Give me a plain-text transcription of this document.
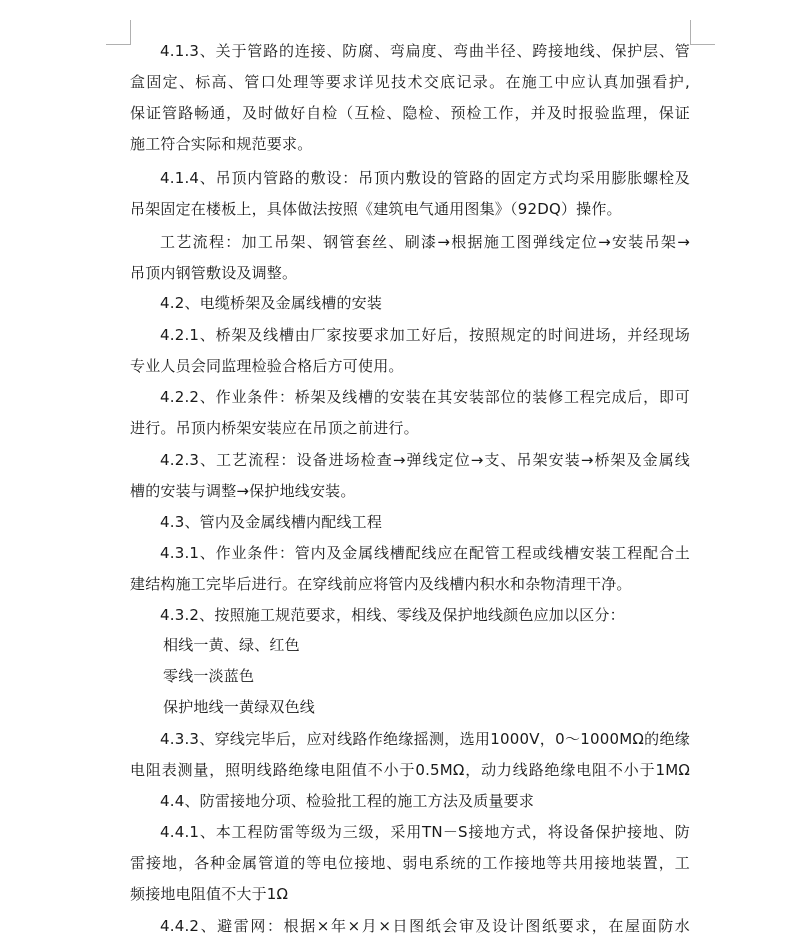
4.1.3、关于管路的连接、防腐、弯扁度、弯曲半径、跨接地线、保护层、管
盒固定、标高、管口处理等要求详见技术交底记录。在施工中应认真加强看护,
保证管路畅通，及时做好自检（互检、隐检、预检工作，并及时报验监理，保证
施工符合实际和规范要求。
4.1.4、吊顶内管路的敷设：吊顶内敷设的管路的固定方式均采用膨胀螺栓及
吊架固定在楼板上，具体做法按照《建筑电气通用图集》（92DQ）操作。
工艺流程：加工吊架、钢管套丝、刷漆→根据施工图弹线定位→安装吊架→
吊顶内钢管敷设及调整。
4.2、电缆桥架及金属线槽的安装
4.2.1、桥架及线槽由厂家按要求加工好后，按照规定的时间进场，并经现场
专业人员会同监理检验合格后方可使用。
4.2.2、作业条件：桥架及线槽的安装在其安装部位的装修工程完成后，即可
进行。吊顶内桥架安装应在吊顶之前进行。
4.2.3、工艺流程：设备进场检查→弹线定位→支、吊架安装→桥架及金属线
槽的安装与调整→保护地线安装。
4.3、管内及金属线槽内配线工程
4.3.1、作业条件：管内及金属线槽配线应在配管工程或线槽安装工程配合土
建结构施工完毕后进行。在穿线前应将管内及线槽内积水和杂物清理干净。
4.3.2、按照施工规范要求，相线、零线及保护地线颜色应加以区分：
相线一黄、绿、红色
零线一淡蓝色
保护地线一黄绿双色线
4.3.3、穿线完毕后，应对线路作绝缘摇测，选用1000V，0～1000MΩ的绝缘
电阻表测量，照明线路绝缘电阻值不小于0.5MΩ，动力线路绝缘电阻不小于1MΩ
4.4、防雷接地分项、检验批工程的施工方法及质量要求
4.4.1、本工程防雷等级为三级，采用TN－S接地方式，将设备保护接地、防
雷接地，各种金属管道的等电位接地、弱电系统的工作接地等共用接地装置，工
频接地电阻值不大于1Ω
4.4.2、避雷网：根据×年×月×日图纸会审及设计图纸要求，在屋面防水
